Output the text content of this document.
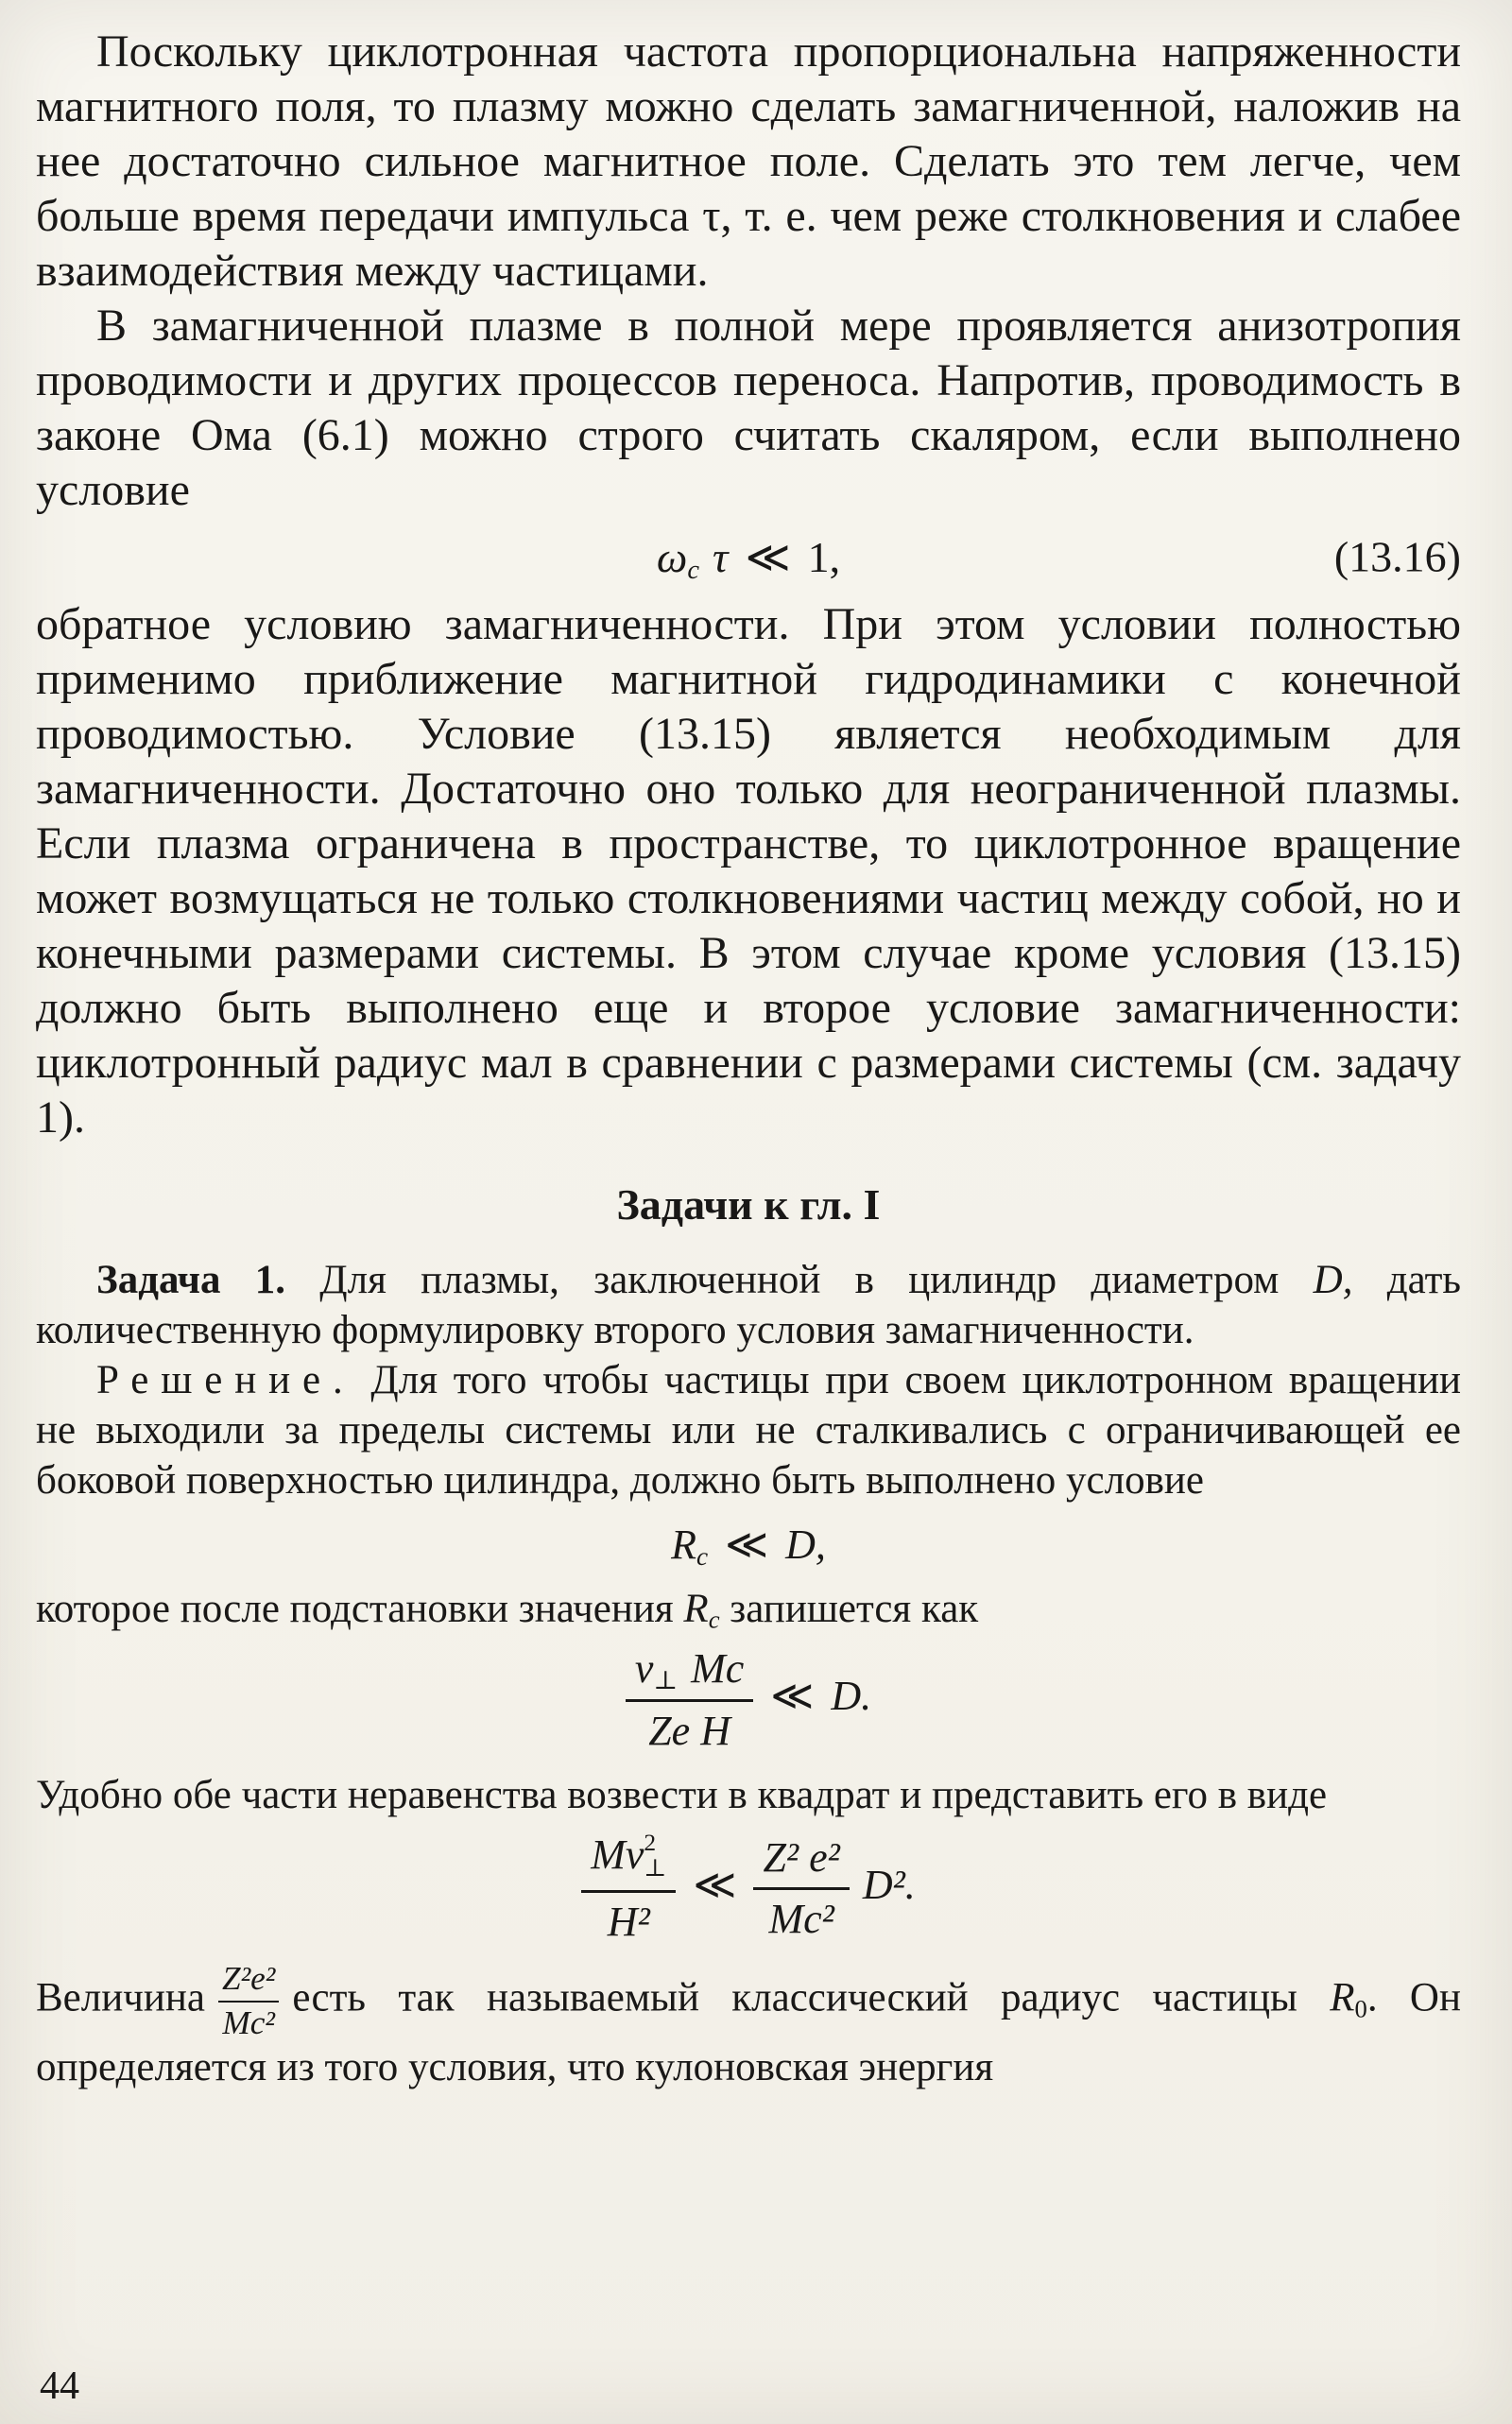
Поскольку циклотронная частота пропорциональна напряженности магнитного поля, то плазму можно сделать замагниченной, наложив на нее достаточно сильное магнитное поле. Сделать это тем легче, чем больше время передачи импульса τ, т. е. чем реже столкновения и слабее взаимодействия между частицами.

В замагниченной плазме в полной мере проявляется анизотропия проводимости и других процессов переноса. Напротив, проводимость в законе Ома (6.1) можно строго считать скаляром, если выполнено условие

$\omega_c$ τ ≪ 1,	(13.16)

обратное условию замагниченности. При этом условии полностью применимо приближение магнитной гидродинамики с конечной проводимостью. Условие (13.15) является необходимым для замагниченности. Достаточно оно только для неограниченной плазмы. Если плазма ограничена в пространстве, то циклотронное вращение может возмущаться не только столкновениями частиц между собой, но и конечными размерами системы. В этом случае кроме условия (13.15) должно быть выполнено еще и второе условие замагниченности: циклотронный радиус мал в сравнении с размерами системы (см. задачу 1).

Задачи к гл. I

Задача 1. Для плазмы, заключенной в цилиндр диаметром D, дать количественную формулировку второго условия замагниченности.

Решение. Для того чтобы частицы при своем циклотронном вращении не выходили за пределы системы или не сталкивались с ограничивающей ее боковой поверхностью цилиндра, должно быть выполнено условие

$R_c$ ≪ D,

которое после подстановки значения $R_c$ запишется как

$\frac{v_\perp Mc}{\text{Ze H}}$ ≪ D.

Удобно обе части неравенства возвести в квадрат и представить его в виде

Mv 2
⊥
H² ≪ $\frac{\text{Z² e²}}{\text{Mc²}} D^2$.

Величина $\frac{\text{Z²e²}}{\text{Mc²}}$ есть так называемый классический радиус частицы $R_0$. Он определяется из того условия, что кулоновская энергия

44
